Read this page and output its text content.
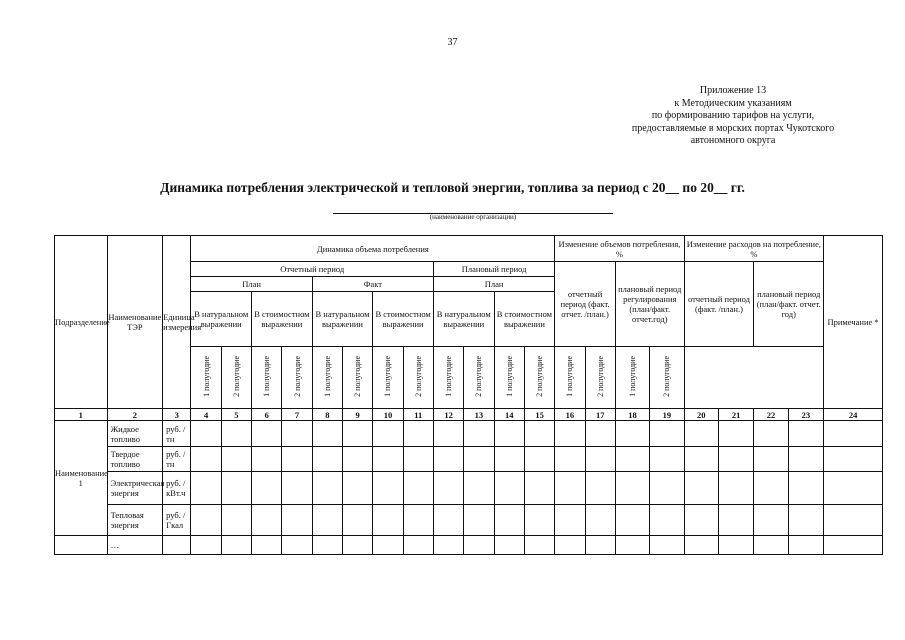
37
Приложение 13
к Методическим указаниям
по формированию тарифов на услуги,
предоставляемые в морских портах Чукотского
автономного округа
Динамика потребления электрической и тепловой энергии, топлива за период с 20__ по 20__ гг.
(наименование организации)
Подразделение	Наименование ТЭР	Единица измерения	Динамика объема потребления												Изменение объемов потребления, %				Изменение расходов на потребление, %				Примечание *
			Отчетный период								Плановый период				отчетный период (факт. отчет. /план.)		плановый период регулирования (план/факт. отчет.год)		отчетный период (факт. /план.)		плановый период (план/факт. отчет. год)		
			План				Факт				План												
			В натуральном выражении		В стоимостном выражении		В натуральном выражении		В стоимостном выражении		В натуральном выражении		В стоимостном выражении										
			1 полугодие	2 полугодие	1 полугодие	2 полугодие	1 полугодие	2 полугодие	1 полугодие	2 полугодие	1 полугодие	2 полугодие	1 полугодие	2 полугодие	1 полугодие	2 полугодие	1 полугодие	2 полугодие					
1	2	3	4	5	6	7	8	9	10	11	12	13	14	15	16	17	18	19	20	21	22	23	24
Наименование 1	Жидкое топливо	руб. /тн																					
	Твердое топливо	руб. /тн																					
	Электрическая энергия	руб. /кВт.ч																					
	Тепловая энергия	руб. /Гкал																					
	…																						
